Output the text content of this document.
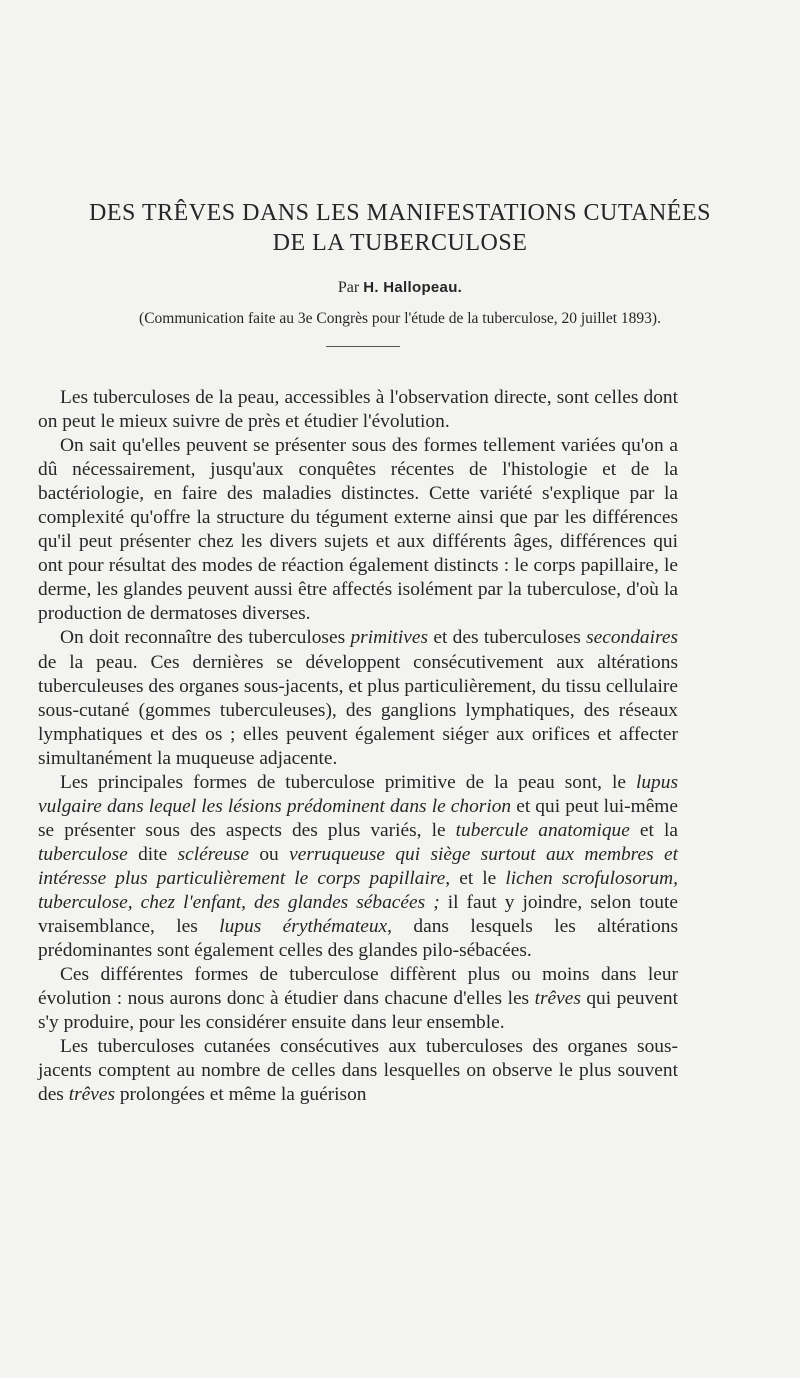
DES TRÊVES DANS LES MANIFESTATIONS CUTANÉES
DE LA TUBERCULOSE

Par H. Hallopeau.

(Communication faite au 3e Congrès pour l'étude de la tuberculose, 20 juillet 1893).

Les tuberculoses de la peau, accessibles à l'observation directe, sont celles dont on peut le mieux suivre de près et étudier l'évolution.

On sait qu'elles peuvent se présenter sous des formes tellement variées qu'on a dû nécessairement, jusqu'aux conquêtes récentes de l'histologie et de la bactériologie, en faire des maladies distinctes. Cette variété s'explique par la complexité qu'offre la structure du tégument externe ainsi que par les différences qu'il peut présenter chez les divers sujets et aux différents âges, différences qui ont pour résultat des modes de réaction également distincts : le corps papillaire, le derme, les glandes peuvent aussi être affectés isolément par la tuberculose, d'où la production de dermatoses diverses.

On doit reconnaître des tuberculoses primitives et des tuberculoses secondaires de la peau. Ces dernières se développent consécutivement aux altérations tuberculeuses des organes sous-jacents, et plus particulièrement, du tissu cellulaire sous-cutané (gommes tuberculeuses), des ganglions lymphatiques, des réseaux lymphatiques et des os ; elles peuvent également siéger aux orifices et affecter simultanément la muqueuse adjacente.

Les principales formes de tuberculose primitive de la peau sont, le lupus vulgaire dans lequel les lésions prédominent dans le chorion et qui peut lui-même se présenter sous des aspects des plus variés, le tubercule anatomique et la tuberculose dite scléreuse ou verruqueuse qui siège surtout aux membres et intéresse plus particulièrement le corps papillaire, et le lichen scrofulosorum, tuberculose, chez l'enfant, des glandes sébacées ; il faut y joindre, selon toute vraisemblance, les lupus érythémateux, dans lesquels les altérations prédominantes sont également celles des glandes pilo-sébacées.

Ces différentes formes de tuberculose diffèrent plus ou moins dans leur évolution : nous aurons donc à étudier dans chacune d'elles les trêves qui peuvent s'y produire, pour les considérer ensuite dans leur ensemble.

Les tuberculoses cutanées consécutives aux tuberculoses des organes sous-jacents comptent au nombre de celles dans lesquelles on observe le plus souvent des trêves prolongées et même la guérison
